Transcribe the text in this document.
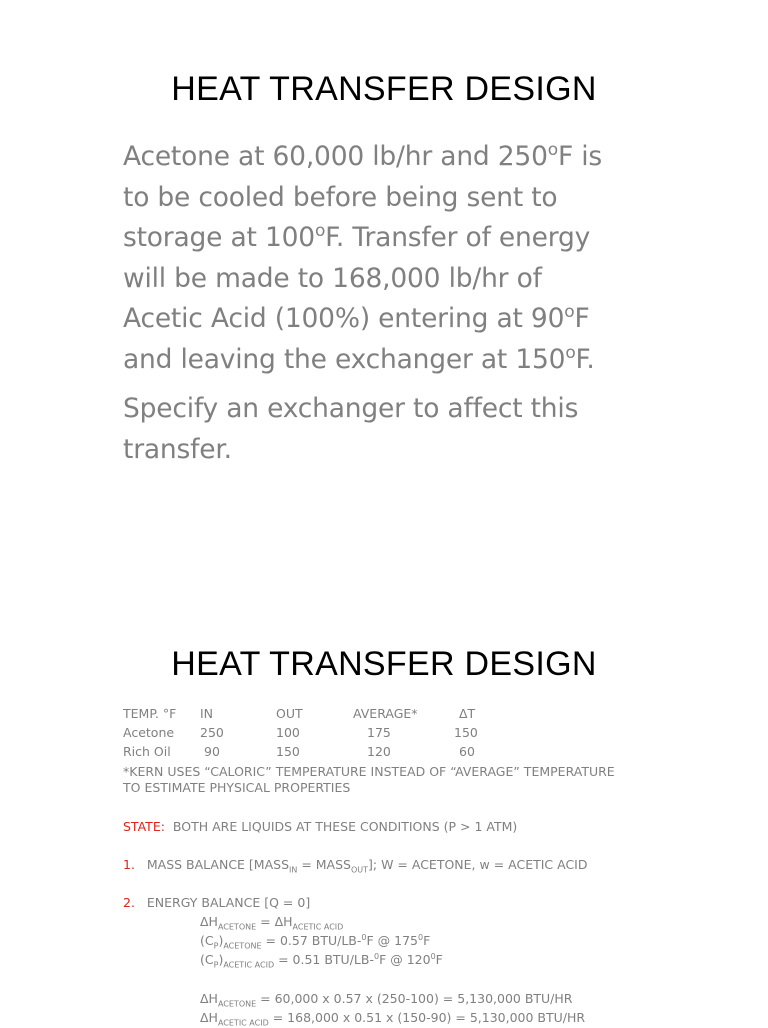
HEAT TRANSFER DESIGN
Acetone at 60,000 lb/hr and 250$^o$F is
to be cooled before being sent to
storage at 100$^o$F. Transfer of energy
will be made to 168,000 lb/hr of
Acetic Acid (100%) entering at 90$^o$F
and leaving the exchanger at 150$^o$F.
Specify an exchanger to affect this
transfer.
HEAT TRANSFER DESIGN
TEMP. °F IN	OUT	AVERAGE*	ΔT
Acetone 250	100	175	150
Rich Oil	90	150	120	60
*KERN USES “CALORIC” TEMPERATURE INSTEAD OF “AVERAGE” TEMPERATURE
TO ESTIMATE PHYSICAL PROPERTIES
STATE: BOTH ARE LIQUIDS AT THESE CONDITIONS (P > 1 ATM)
1. MASS BALANCE [$MASS_{IN}$ = $MASS_{OUT}$]; W = ACETONE, w = ACETIC ACID
2. ENERGY BALANCE [Q = 0]
$\Delta H_{ACETONE} = \Delta H_{ACETIC ACID}$
$(C_P)_{ACETONE} = 0.57$ BTU/LB-$^0$F @ $175^0F$
$(C_P)_{ACETIC ACID} = 0.51$ BTU/LB-$^0$F @ $120^0F$
$\Delta H_{ACETONE} = 60,000$ x 0.57 x (250-100) = 5,130,000 BTU/HR
$\Delta H_{ACETIC ACID} = 168,000$ x 0.51 x (150-90) = 5,130,000 BTU/HR
